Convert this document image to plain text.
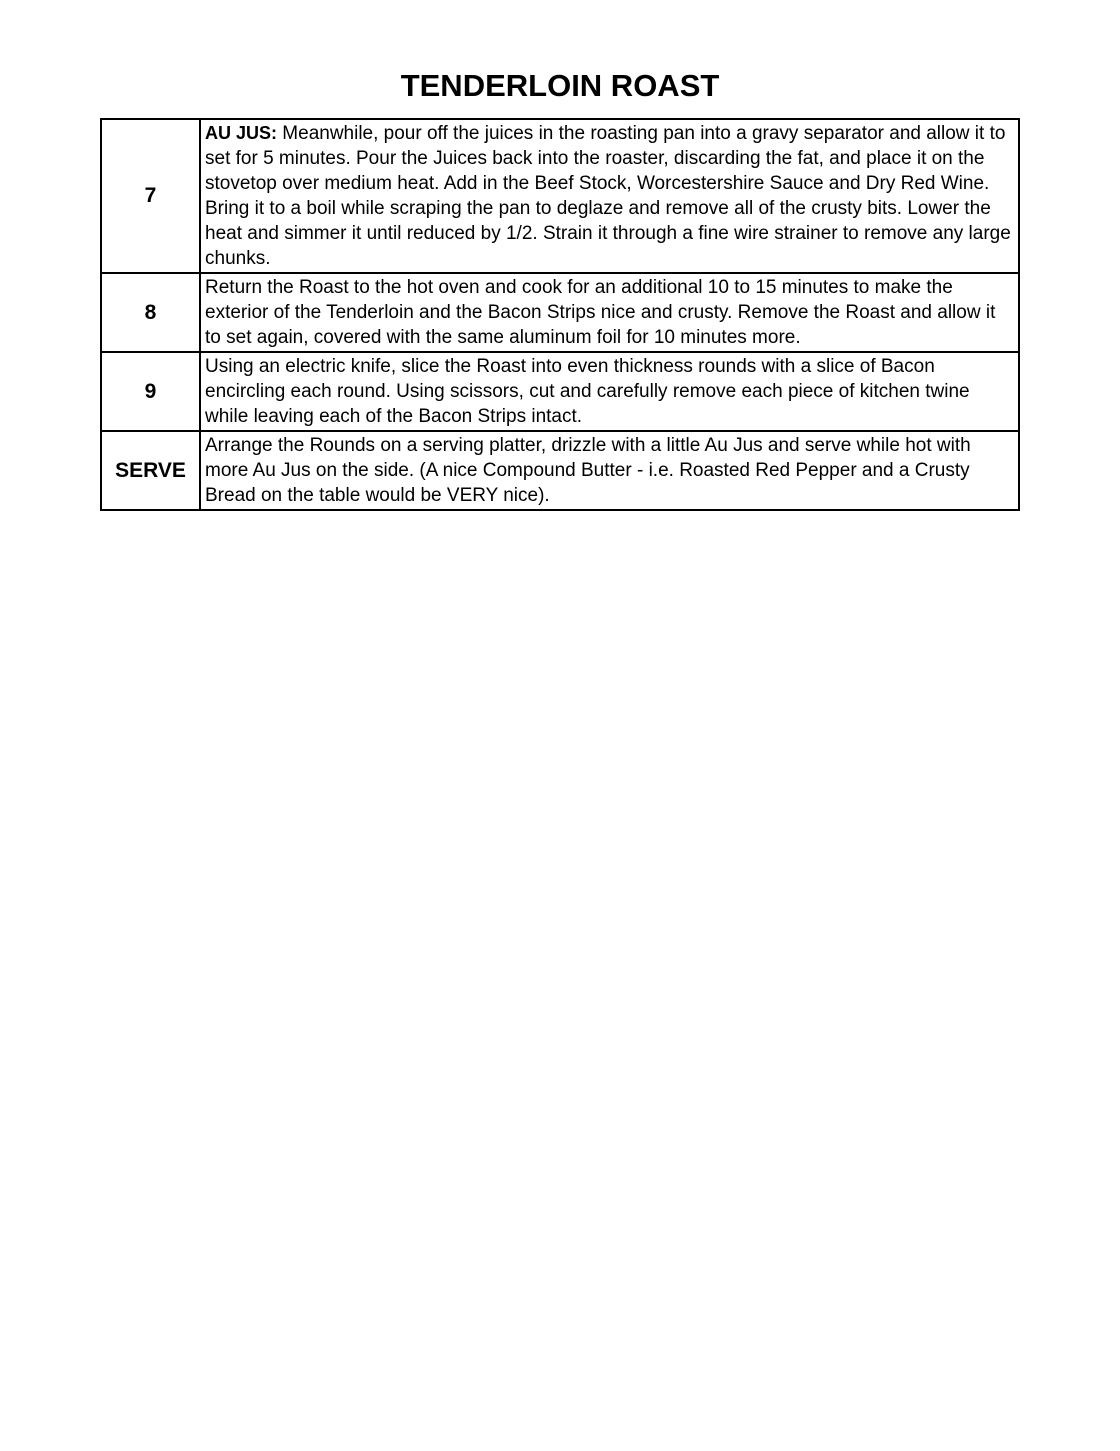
TENDERLOIN ROAST
7	AU JUS: Meanwhile, pour off the juices in the roasting pan into a gravy separator and allow it to set for 5 minutes. Pour the Juices back into the roaster, discarding the fat, and place it on the stovetop over medium heat. Add in the Beef Stock, Worcestershire Sauce and Dry Red Wine. Bring it to a boil while scraping the pan to deglaze and remove all of the crusty bits. Lower the heat and simmer it until reduced by 1/2. Strain it through a fine wire strainer to remove any large chunks.
8	Return the Roast to the hot oven and cook for an additional 10 to 15 minutes to make the exterior of the Tenderloin and the Bacon Strips nice and crusty. Remove the Roast and allow it to set again, covered with the same aluminum foil for 10 minutes more.
9	Using an electric knife, slice the Roast into even thickness rounds with a slice of Bacon encircling each round. Using scissors, cut and carefully remove each piece of kitchen twine while leaving each of the Bacon Strips intact.
SERVE	Arrange the Rounds on a serving platter, drizzle with a little Au Jus and serve while hot with more Au Jus on the side. (A nice Compound Butter - i.e. Roasted Red Pepper and a Crusty Bread on the table would be VERY nice).
